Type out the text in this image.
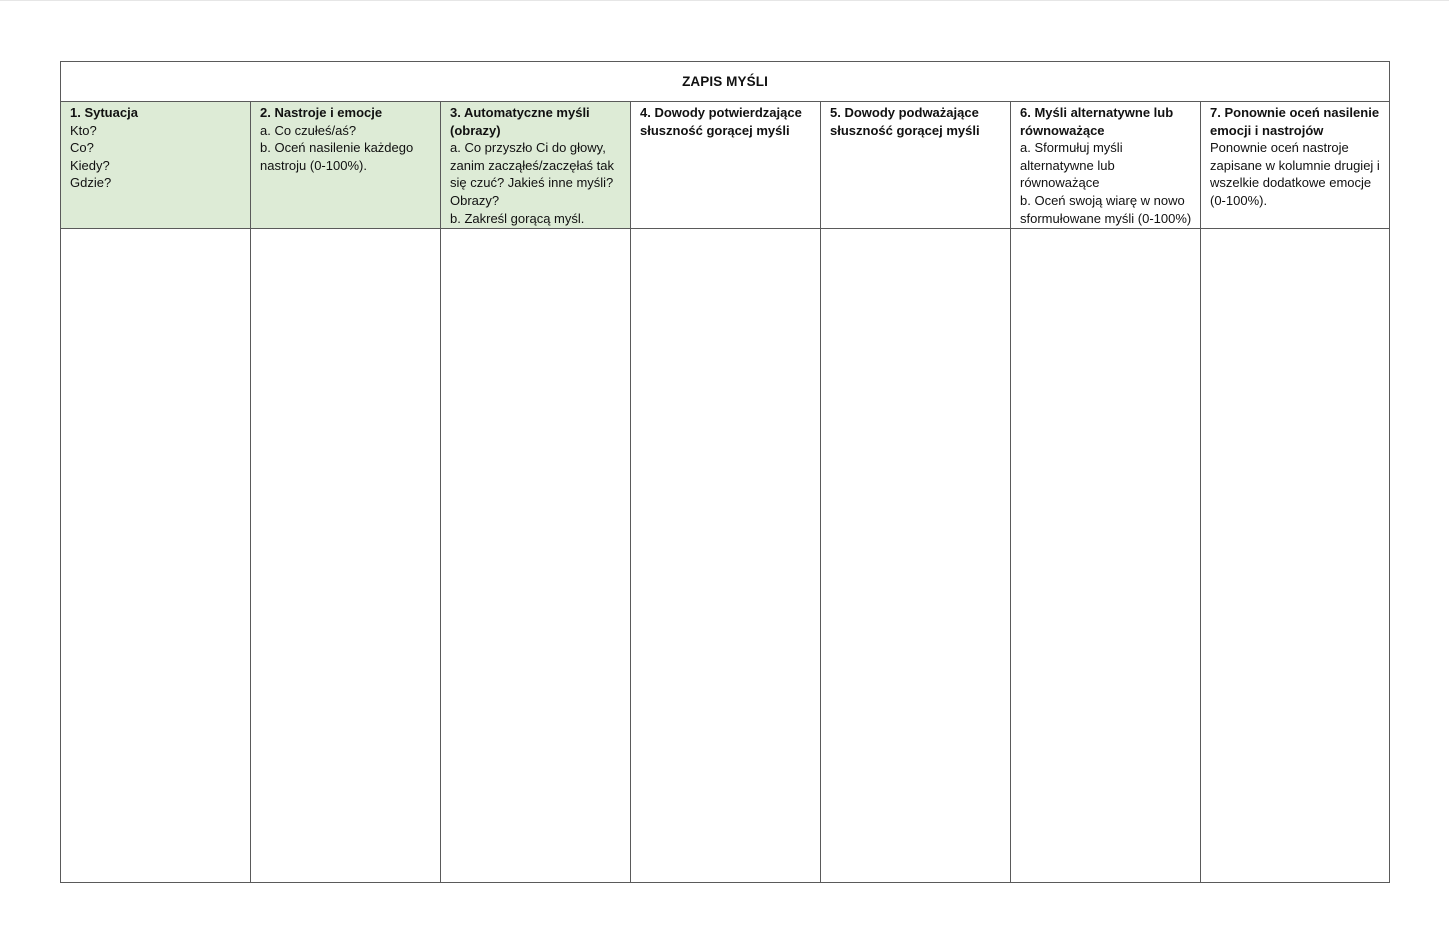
ZAPIS MYŚLI						

1. Sytuacja
Kto?
Co?
Kiedy?
Gdzie?	2. Nastroje i emocje
a. Co czułeś/aś?
b. Oceń nasilenie każdego nastroju (0-100%).	3. Automatyczne myśli (obrazy)
a. Co przyszło Ci do głowy, zanim zacząłeś/zaczęłaś tak się czuć? Jakieś inne myśli? Obrazy?
b. Zakreśl gorącą myśl.	4. Dowody potwierdzające słuszność gorącej myśli	5. Dowody podważające słuszność gorącej myśli	6. Myśli alternatywne lub równoważące
a. Sformułuj myśli alternatywne lub równoważące
b. Oceń swoją wiarę w nowo sformułowane myśli (0-100%)	7. Ponownie oceń nasilenie emocji i nastrojów
Ponownie oceń nastroje zapisane w kolumnie drugiej i wszelkie dodatkowe emocje (0-100%).
